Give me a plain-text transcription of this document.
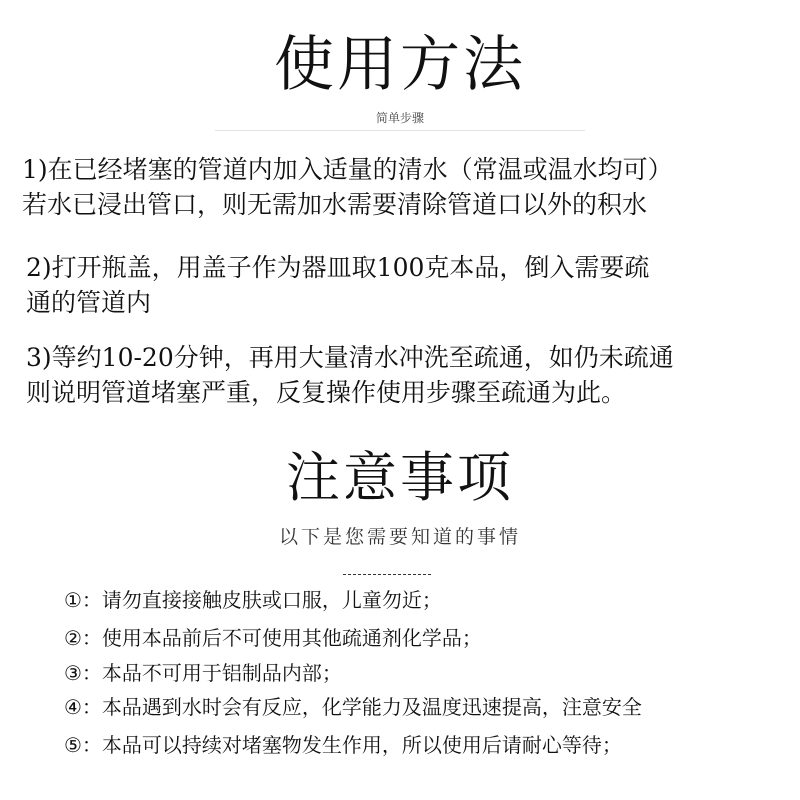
使用方法
简单步骤
1)在已经堵塞的管道内加入适量的清水（常温或温水均可）
若水已浸出管口，则无需加水需要清除管道口以外的积水
2)打开瓶盖，用盖子作为器皿取100克本品，倒入需要疏
通的管道内
3)等约10-20分钟，再用大量清水冲洗至疏通，如仍未疏通
则说明管道堵塞严重，反复操作使用步骤至疏通为此。
注意事项
以下是您需要知道的事情
①：请勿直接接触皮肤或口服，儿童勿近；
②：使用本品前后不可使用其他疏通剂化学品；
③：本品不可用于铝制品内部；
④：本品遇到水时会有反应，化学能力及温度迅速提高，注意安全
⑤：本品可以持续对堵塞物发生作用，所以使用后请耐心等待；
